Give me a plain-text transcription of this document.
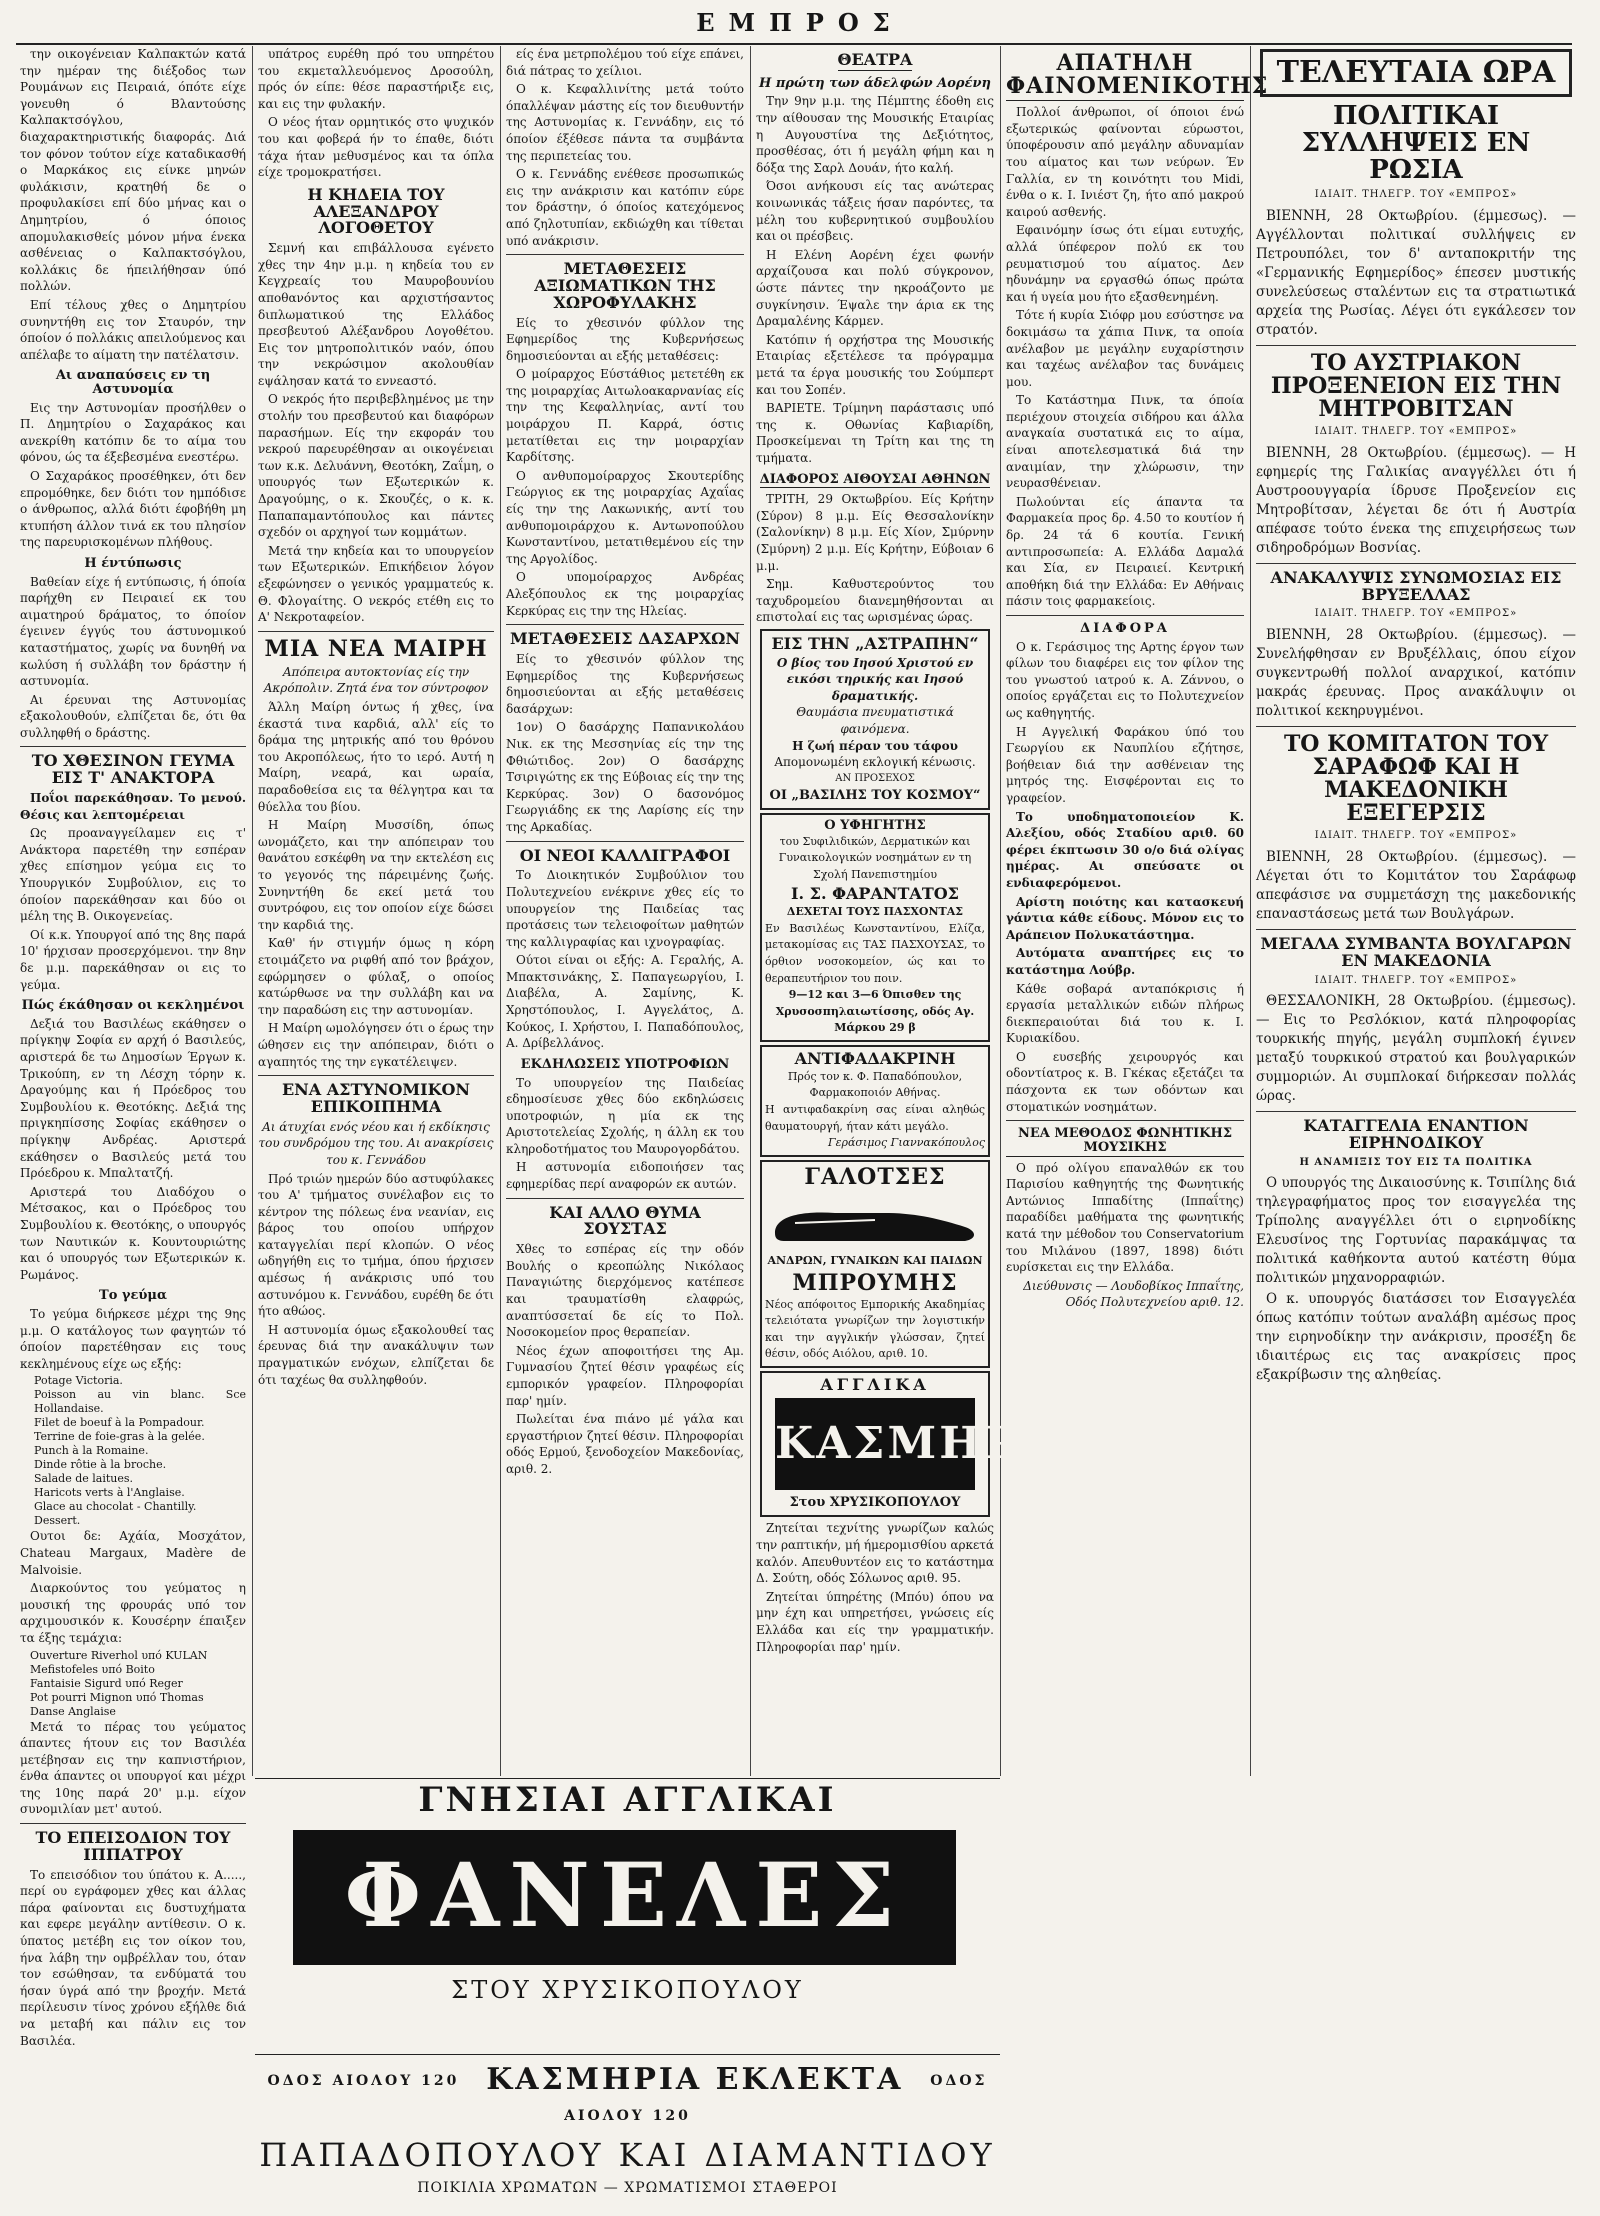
ΕΜΠΡΟΣ

την οικογένειαν Καλπακτών κατά την ημέραν της διέξοδος των Ρουμάνων εις Πειραιά, όπότε είχε γονευθη ό Βλαντούσης Καλπακτσόγλου, διαχαρακτηριστικής διαφοράς. Διά τον φόνον τούτον είχε καταδικασθή ο Μαρκάκος εις είνκε μηνών φυλάκισιν, κρατηθή δε ο προφυλακίσει επί δύο μήνας και ο Δημητρίου, ό όποιος απομυλακισθείς μόνον μήνα ένεκα ασθένειας ο Καλπακτσόγλου, κολλάκις δε ήπειλήθησαν ύπό πολλών.

Επί τέλους χθες ο Δημητρίου συνηντήθη εις τον Σταυρόν, την όποίον ό πολλάκις απειλούμενος και απέλαβε το αίματη την πατέλατσιν.

Αι αναπαύσεις εν τη Αστυνομία

Εις την Αστυνομίαν προσήλθεν ο Π. Δημητρίου ο Σαχαράκος και ανεκρίθη κατόπιν δε το αίμα του φόνου, ώς τα έξεβεσμένα ενεστέρω.

Ο Σαχαράκος προσέθηκεν, ότι δεν επρομόθηκε, δεν διότι τον ημπόδισε ο άνθρωπος, αλλά διότι έφοβήθη μη κτυπήση άλλον τινά εκ του πλησίον της παρευρισκομένων πλήθους.

Η έντύπωσις

Βαθείαν είχε ή εντύπωσις, ή όποία παρήχθη εν Πειραιεί εκ του αιματηρού δράματος, το όποίον έγεινεν έγγύς του άστυνομικού καταστήματος, χωρίς να δυνηθή να κωλύση ή συλλάβη τον δράστην ή αστυνομία.

Αι έρευναι της Αστυνομίας εξακολουθούν, ελπίζεται δε, ότι θα συλληφθή ο δράστης.

ΤΟ ΧΘΕΣΙΝΟΝ ΓΕΥΜΑ ΕΙΣ Τ' ΑΝΑΚΤΟΡΑ

Ποΐοι παρεκάθησαν. Το μενού. Θέσις και λεπτομέρειαι

Ως προαναγγείλαμεν εις τ' Ανάκτορα παρετέθη την εσπέραν χθες επίσημον γεύμα εις το Υπουργικόν Συμβούλιον, εις το όποίον παρεκάθησαν και δύο οι μέλη της Β. Οικογενείας.

Οί κ.κ. Υπουργοί από της 8ης παρά 10' ήρχισαν προσερχόμενοι. την 8ην δε μ.μ. παρεκάθησαν οι εις το γεύμα.

Πώς έκάθησαν οι κεκλημένοι

Δεξιά του Βασιλέως εκάθησεν ο πρίγκηψ Σοφία εν αρχή ό Βασιλεύς, αριστερά δε τω Δημοσίων Έργων κ. Τρικούπη, εν τη Λέσχη τόρην κ. Δραγούμης και ή Πρόεδρος του Συμβουλίου κ. Θεοτόκης. Δεξιά της πριγκηπίσσης Σοφίας εκάθησεν ο πρίγκηψ Ανδρέας. Αριστερά εκάθησεν ο Βασιλεύς μετά του Πρόεδρου κ. Μπαλτατζή.

Αριστερά του Διαδόχου ο Μέτσακος, και ο Πρόεδρος του Συμβουλίου κ. Θεοτόκης, ο υπουργός των Ναυτικών κ. Κουντουριώτης και ό υπουργός των Εξωτερικών κ. Ρωμάνος.

Το γεύμα

Το γεύμα διήρκεσε μέχρι της 9ης μ.μ. Ο κατάλογος των φαγητών τό όποίον παρετέθησαν εις τους κεκλημένους είχε ως εξής:

Potage Victoria.
Poisson au vin blanc. Sce Hollandaise.
Filet de boeuf à la Pompadour.
Terrine de foie-gras à la gelée.
Punch à la Romaine.
Dinde rôtie à la broche.
Salade de laitues.
Haricots verts à l'Anglaise.
Glace au chocolat - Chantilly.
Dessert.

Ουτοι δε: Αχάία, Μοσχάτον, Chateau Margaux, Madère de Malvoisie.

Διαρκούντος του γεύματος η μουσική της φρουράς υπό τον αρχιμουσικόν κ. Κουσέρην έπαιξεν τα έξης τεμάχια:

Ouverture Riverhol υπό KULAN
Mefistofeles υπό Boito
Fantaisie Sigurd υπό Reger
Pot pourri Mignon υπό Thomas
Danse Anglaise

Μετά το πέρας του γεύματος άπαντες ήτουν εις τον Βασιλέα μετέβησαν εις την καπνιστήριον, ένθα άπαντες οι υπουργοί και μέχρι της 10ης παρά 20' μ.μ. είχον συνομιλίαν μετ' αυτού.

ΤΟ ΕΠΕΙΣΟΔΙΟΝ ΤΟΥ ΙΠΠΑΤΡΟΥ

Το επεισόδιον του ύπάτου κ. Α....., περί ου εγράφομεν χθες και άλλας πάρα φαίνονται εις δυστυχήματα και εφερε μεγάλην αντίθεσιν. Ο κ. ύπατος μετέβη εις τον οίκον του, ήνα λάβη την ομβρέλλαν του, όταν τον εσώθησαν, τα ενδύματά του ήσαν ύγρά από την βροχήν. Μετά περίλευσιν τίνος χρόνου εξήλθε διά να μεταβή και πάλιν εις τον Βασιλέα.

υπάτρος ευρέθη πρό του υπηρέτου του εκμεταλλευόμενος Δροσούλη, πρός όν είπε: θέσε παραστήριξε εις, και εις την φυλακήν.

Ο νέος ήταν ορμητικός στο ψυχικόν του και φοβερά ήν το έπαθε, διότι τάχα ήταν μεθυσμένος και τα όπλα είχε τρομοκρατήσει.

Η ΚΗΔΕΙΑ ΤΟΥ ΑΛΕΞΑΝΔΡΟΥ ΛΟΓΟΘΕΤΟΥ

Σεμνή και επιβάλλουσα εγένετο χθες την 4ην μ.μ. η κηδεία του εν Κεγχρεαίς του Μαυροβουνίου αποθανόντος και αρχιστήσαντος διπλωματικού της Ελλάδος πρεσβευτού Αλέξανδρου Λογοθέτου. Εις τον μητροπολιτικόν ναόν, όπου την νεκρώσιμον ακολουθίαν εψάλησαν κατά το εννεαστό.

Ο νεκρός ήτο περιβεβλημένος με την στολήν του πρεσβευτού και διαφόρων παρασήμων. Είς την εκφοράν του νεκρού παρευρέθησαν αι οικογένειαι των κ.κ. Δελυάννη, Θεοτόκη, Ζαΐμη, ο υπουργός των Εξωτερικών κ. Δραγούμης, ο κ. Σκουζές, ο κ. κ. Παπαπαμαντόπουλος και πάντες σχεδόν οι αρχηγοί των κομμάτων.

Μετά την κηδεία και το υπουργείον των Εξωτερικών. Επικήδειον λόγον εξεφώνησεν ο γενικός γραμματεύς κ. Θ. Φλογαίτης. Ο νεκρός ετέθη εις το Α' Νεκροταφείον.

ΜΙΑ ΝΕΑ ΜΑΙΡΗ

Απόπειρα αυτοκτονίας είς την Ακρόπολιν. Ζητά ένα τον σύντροφον

Άλλη Μαίρη όντως ή χθες, ίνα έκαστά τινα καρδιά, αλλ' είς το δράμα της μητρικής από του θρόνου του Ακροπόλεως, ήτο το ιερό. Αυτή η Μαίρη, νεαρά, και ωραία, παραδοθείσα εις τα θέλγητρα και τα θύελλα του βίου.

Η Μαίρη Μυσσίδη, όπως ωνομάζετο, και την απόπειραν του θανάτου εσκέφθη να την εκτελέση εις το γεγονός της πάρειμένης ζωής. Συνηντήθη δε εκεί μετά του συντρόφου, εις τον οποίον είχε δώσει την καρδιά της.

Καθ' ήν στιγμήν όμως η κόρη ετοιμάζετο να ριφθή από τον βράχον, εφώρμησεν ο φύλαξ, ο οποίος κατώρθωσε να την συλλάβη και να την παραδώση εις την αστυνομίαν.

Η Μαίρη ωμολόγησεν ότι ο έρως την ώθησεν εις την απόπειραν, διότι ο αγαπητός της την εγκατέλειψεν.

ΕΝΑ ΑΣΤΥΝΟΜΙΚΟΝ ΕΠΙΚΟΙΠΗΜΑ

Αι άτυχίαι ενός νέου και ή εκδίκησις του συνδρόμου της του. Αι ανακρίσεις του κ. Γεννάδου

Πρό τριών ημερών δύο αστυφύλακες του Α' τμήματος συνέλαβον εις το κέντρον της πόλεως ένα νεανίαν, εις βάρος του οποίου υπήρχον καταγγελίαι περί κλοπών. Ο νέος ωδηγήθη εις το τμήμα, όπου ήρχισεν αμέσως ή ανάκρισις υπό του αστυνόμου κ. Γεννάδου, ευρέθη δε ότι ήτο αθώος.

Η αστυνομία όμως εξακολουθεί τας έρευνας διά την ανακάλυψιν των πραγματικών ενόχων, ελπίζεται δε ότι ταχέως θα συλληφθούν.

είς ένα μετρπολέμου τού είχε επάνει, διά πάτρας το χείλιοι.

Ο κ. Κεφαλλινίτης μετά τούτο όπαλλέψαν μάστης είς τον διευθυντήν της Αστυνομίας κ. Γεννάδην, εις τό όποίον έξέθεσε πάντα τα συμβάντα της περιπετείας του.

Ο κ. Γεννάδης ενέθεσε προσωπικώς εις την ανάκρισιν και κατόπιν εύρε τον δράστην, ό όποίος κατεχόμενος από ζηλοτυπίαν, εκδιώχθη και τίθεται υπό ανάκρισιν.

ΜΕΤΑΘΕΣΕΙΣ ΑΞΙΩΜΑΤΙΚΩΝ ΤΗΣ ΧΩΡΟΦΥΛΑΚΗΣ

Είς το χθεσινόν φύλλον της Εφημερίδος της Κυβερνήσεως δημοσιεύονται αι εξής μεταθέσεις:

Ο μοίραρχος Εύστάθιος μετετέθη εκ της μοιραρχίας Αιτωλοακαρνανίας είς την της Κεφαλληνίας, αντί του μοιράρχου Π. Καρρά, όστις μετατίθεται εις την μοιραρχίαν Καρδίτσης.

Ο ανθυπομοίραρχος Σκουτερίδης Γεώργιος εκ της μοιραρχίας Αχαΐας είς την της Λακωνικής, αντί του ανθυπομοιράρχου κ. Αντωνοπούλου Κωνσταντίνου, μετατιθεμένου είς την της Αργολίδος.

Ο υπομοίραρχος Ανδρέας Αλεξόπουλος εκ της μοιραρχίας Κερκύρας εις την της Ηλείας.

ΜΕΤΑΘΕΣΕΙΣ ΔΑΣΑΡΧΩΝ

Είς το χθεσινόν φύλλον της Εφημερίδος της Κυβερνήσεως δημοσιεύονται αι εξής μεταθέσεις δασάρχων:

1ον) Ο δασάρχης Παπανικολάου Νικ. εκ της Μεσσηνίας είς την της Φθιώτιδος. 2ον) Ο δασάρχης Τσιριγώτης εκ της Εύβοιας είς την της Κερκύρας. 3ον) Ο δασονόμος Γεωργιάδης εκ της Λαρίσης είς την της Αρκαδίας.

ΟΙ ΝΕΟΙ ΚΑΛΛΙΓΡΑΦΟΙ

Το Διοικητικόν Συμβούλιον του Πολυτεχνείου ενέκρινε χθες είς το υπουργείον της Παιδείας τας προτάσεις των τελειοφοίτων μαθητών της καλλιγραφίας και ιχνογραφίας.

Ούτοι είναι οι εξής: Α. Γεραλής, Α. Μπακτσινάκης, Σ. Παπαγεωργίου, Ι. Διαβέλα, Α. Σαμίνης, Κ. Χρηστόπουλος, Ι. Αγγελάτος, Δ. Κούκος, Ι. Χρήστου, Ι. Παπαδόπουλος, Α. Δρίβελλάνος.

ΕΚΔΗΛΩΣΕΙΣ ΥΠΟΤΡΟΦΙΩΝ

Το υπουργείον της Παιδείας εδημοσίευσε χθες δύο εκδηλώσεις υποτροφιών, η μία εκ της Αριστοτελείας Σχολής, η άλλη εκ του κληροδοτήματος του Μαυρογορδάτου.

Η αστυνομία ειδοποιήσεν τας εφημερίδας περί αναφορών εκ αυτών.

ΚΑΙ ΑΛΛΟ ΘΥΜΑ ΣΟΥΣΤΑΣ

Χθες το εσπέρας είς την οδόν Βουλής ο κρεοπώλης Νικόλαος Παναγιώτης διερχόμενος κατέπεσε και τραυματίσθη ελαφρώς, αναπτύσσεταί δε είς το Πολ. Νοσοκομείον προς θεραπείαν.

Νέος έχων αποφοιτήσει της Αμ. Γυμνασίου ζητεί θέσιν γραφέως είς εμπορικόν γραφείον. Πληροφορίαι παρ' ημίν.

Πωλείται ένα πιάνο μέ γάλα και εργαστήριον ζητεί θέσιν. Πληροφορίαι οδός Ερμού, ξενοδοχείον Μακεδονίας, αριθ. 2.

ΘΕΑΤΡΑ
Η πρώτη των άδελφών Αορένη

Την 9ην μ.μ. της Πέμπτης έδοθη εις την αίθουσαν της Μουσικής Εταιρίας η Αυγουστίνα της Δεξιότητος, προσθέσας, ότι ή μεγάλη φήμη και η δόξα της Σαρλ Δουάν, ήτο καλή.

Όσοι ανήκουσι είς τας ανώτερας κοινωνικάς τάξεις ήσαν παρόντες, τα μέλη του κυβερνητικού συμβουλίου και οι πρέσβεις.

Η Ελένη Αορένη έχει φωνήν αρχαίζουσα και πολύ σύγκρονον, ώστε πάντες την ηκροάζοντο με συγκίνησιν. Έψαλε την άρια εκ της Δραμαλένης Κάρμεν.

Κατόπιν ή ορχήστρα της Μουσικής Εταιρίας εξετέλεσε τα πρόγραμμα μετά τα έργα μουσικής του Σούμπερτ και του Σοπέν.

ΒΑΡΙΕΤΕ. Τρίμηνη παράστασις υπό της κ. Οθωνίας Καβιαρίδη, Προσκείμεναι τη Τρίτη και της τη τμήματα.

ΔΙΑΦΟΡΟΣ ΑΙΘΟΥΣΑΙ ΑΘΗΝΩΝ

ΤΡΙΤΗ, 29 Οκτωβρίου. Είς Κρήτην (Σύρον) 8 μ.μ. Είς Θεσσαλονίκην (Σαλονίκην) 8 μ.μ. Είς Χίον, Σμύρνην (Σμύρνη) 2 μ.μ. Είς Κρήτην, Εύβοιαν 6 μ.μ.

Σημ. Καθυστερούντος του ταχυδρομείου διανεμηθήσονται αι επιστολαί εις τας ωρισμένας ώρας.

ΕΙΣ ΤΗΝ „ΑΣΤΡΑΠΗΝ“
Ο βίος του Ιησού Χριστού εν εικόσι τηρικής και Ιησού δραματικής.
Θαυμάσια πνευματιστικά φαινόμενα.
Η ζωή πέραν του τάφου
Απομονωμένη εκλογική κένωσις.
ΑΝ ΠΡΟΣΕΧΟΣ
ΟΙ „ΒΑΣΙΛΗΣ ΤΟΥ ΚΟΣΜΟΥ“
Ο ΥΦΗΓΗΤΗΣ
του Συφιλιδικών, Δερματικών και Γυναικολογικών νοσημάτων εν τη Σχολή Πανεπιστημίου
Ι. Σ. ΦΑΡΑΝΤΑΤΟΣ
ΔΕΧΕΤΑΙ ΤΟΥΣ ΠΑΣΧΟΝΤΑΣ
Εν Βασιλέως Κωνσταντίνου, Ελίζα, μετακομίσας εις ΤΑΣ ΠΑΣΧΟΥΣΑΣ, το όρθιον νοσοκομείον, ώς και το θεραπευτήριον του ποιν.
9—12 και 3—6 Όπισθεν της Χρυσοσπηλαιωτίσσης, οδός Αγ. Μάρκου 29 β
ΑΝΤΙΦΑΔΑΚΡΙΝΗ
Πρός τον κ. Φ. Παπαδόπουλον, Φαρμακοποιόν Αθήνας.
Η αντιφαδακρίνη σας είναι αληθώς θαυματουργή, ήταν κάτι μεγάλο.
Γεράσιμος Γιαννακόπουλος
ΓΑΛΟΤΣΕΣ
ΑΝΔΡΩΝ, ΓΥΝΑΙΚΩΝ ΚΑΙ ΠΑΙΔΩΝ
ΜΠΡΟΥΜΗΣ
Νέος απόφοιτος Εμπορικής Ακαδημίας τελειότατα γνωρίζων την λογιστικήν και την αγγλικήν γλώσσαν, ζητεί θέσιν, οδός Αιόλου, αριθ. 10.
ΑΓΓΛΙΚΑ
ΚΑΣΜΗΡΙΑ
Στου ΧΡΥΣΙΚΟΠΟΥΛΟΥ

Ζητείται τεχνίτης γνωρίζων καλώς την ραπτικήν, μή ήμερομισθίου αρκετά καλόν. Απευθυντέον εις το κατάστημα Δ. Σούτη, οδός Σόλωνος αριθ. 95.

Ζητείται ύπηρέτης (Μπόυ) όπου να μην έχη και υπηρετήσει, γνώσεις είς Ελλάδα και είς την γραμματικήν. Πληροφορίαι παρ' ημίν.

ΑΠΑΤΗΛΗ ΦΑΙΝΟΜΕΝΙΚΟΤΗΣ

Πολλοί άνθρωποι, οί όποιοι ένώ εξωτερικώς φαίνονται εύρωστοι, ύποφέρουσιν από μεγάλην αδυναμίαν του αίματος και των νεύρων. Έν Γαλλία, εν τη κοινότητι του Midi, ένθα ο κ. Ι. Ινιέστ ζη, ήτο από μακρού καιρού ασθενής.

Εφαινόμην ίσως ότι είμαι ευτυχής, αλλά ύπέφερον πολύ εκ του ρευματισμού του αίματος. Δεν ηδυνάμην να εργασθώ όπως πρώτα και ή υγεία μου ήτο εξασθενημένη.

Τότε ή κυρία Σιόφρ μου εσύστησε να δοκιμάσω τα χάπια Πινκ, τα οποία ανέλαβον με μεγάλην ευχαρίστησιν και ταχέως ανέλαβον τας δυνάμεις μου.

Το Κατάστημα Πινκ, τα όποία περιέχουν στοιχεία σιδήρου και άλλα αναγκαία συστατικά εις το αίμα, είναι αποτελεσματικά διά την αναιμίαν, την χλώρωσιν, την νευρασθένειαν.

Πωλούνται είς άπαντα τα Φαρμακεία προς δρ. 4.50 το κουτίον ή δρ. 24 τά 6 κουτία. Γενική αντιπροσωπεία: Α. Ελλάδα Δαμαλά και Σία, εν Πειραιεί. Κεντρική αποθήκη διά την Ελλάδα: Εν Αθήναις πάσιν τοις φαρμακείοις.

ΔΙΑΦΟΡΑ

Ο κ. Γεράσιμος της Αρτης έργον των φίλων του διαφέρει εις τον φίλον της του γνωστού ιατρού κ. Α. Ζάννου, ο οποίος εργάζεται εις το Πολυτεχνείον ως καθηγητής.

Η Αγγελική Φαράκου ύπό του Γεωργίου εκ Ναυπλίου εζήτησε, βοήθειαν διά την ασθένειαν της μητρός της. Εισφέρονται εις το γραφείον.

Το υποδηματοποιείον Κ. Αλεξίου, οδός Σταδίου αριθ. 60 φέρει έκπτωσιν 30 ο/ο διά ολίγας ημέρας. Αι σπεύσατε οι ενδιαφερόμενοι.

Αρίστη ποιότης και κατασκευή γάντια κάθε είδους. Μόνον εις το Αράπειον Πολυκατάστημα.

Αυτόματα αναπτήρες εις το κατάστημα Λούβρ.

Κάθε σοβαρά ανταπόκρισις ή εργασία μεταλλικών ειδών πλήρως διεκπεραιούται διά του κ. Ι. Κυριακίδου.

Ο ευσεβής χειρουργός και οδοντίατρος κ. Β. Γκέκας εξετάζει τα πάσχοντα εκ των οδόντων και στοματικών νοσημάτων.

ΝΕΑ ΜΕΘΟΔΟΣ ΦΩΝΗΤΙΚΗΣ ΜΟΥΣΙΚΗΣ

Ο πρό ολίγου επαναλθών εκ του Παρισίου καθηγητής της Φωνητικής Αντώνιος Ιππαδίτης (Ιππαΐτης) παραδίδει μαθήματα της φωνητικής κατά την μέθοδον του Conservatorium του Μιλάνου (1897, 1898) διότι ευρίσκεται εις την Ελλάδα.

Διεύθυνσις — Λουδοβίκος Ιππαΐτης, Οδός Πολυτεχνείου αριθ. 12.

ΤΕΛΕΥΤΑΙΑ ΩΡΑ
ΠΟΛΙΤΙΚΑΙ ΣΥΛΛΗΨΕΙΣ ΕΝ ΡΩΣΙΑ
ΙΔΙΑΙΤ. ΤΗΛΕΓΡ. ΤΟΥ «ΕΜΠΡΟΣ»

ΒΙΕΝΝΗ, 28 Οκτωβρίου. (έμμεσως). — Αγγέλλονται πολιτικαί συλλήψεις εν Πετρουπόλει, τον δ' ανταποκριτήν της «Γερμανικής Εφημερίδος» έπεσεν μυστικής συνελεύσεως σταλέντων εις τα στρατιωτικά αρχεία της Ρωσίας. Λέγει ότι εγκάλεσεν τον στρατόν.

ΤΟ ΑΥΣΤΡΙΑΚΟΝ ΠΡΟΞΕΝΕΙΟΝ ΕΙΣ ΤΗΝ ΜΗΤΡΟΒΙΤΣΑΝ
ΙΔΙΑΙΤ. ΤΗΛΕΓΡ. ΤΟΥ «ΕΜΠΡΟΣ»

ΒΙΕΝΝΗ, 28 Οκτωβρίου. (έμμεσως). — Η εφημερίς της Γαλικίας αναγγέλλει ότι ή Αυστροουγγαρία ίδρυσε Προξενείον εις Μητροβίτσαν, λέγεται δε ότι ή Αυστρία απέφασε τούτο ένεκα της επιχειρήσεως των σιδηροδρόμων Βοσνίας.

ΑΝΑΚΑΛΥΨΙΣ ΣΥΝΩΜΟΣΙΑΣ ΕΙΣ ΒΡΥΞΕΛΛΑΣ
ΙΔΙΑΙΤ. ΤΗΛΕΓΡ. ΤΟΥ «ΕΜΠΡΟΣ»

ΒΙΕΝΝΗ, 28 Οκτωβρίου. (έμμεσως). — Συνελήφθησαν εν Βρυξέλλαις, όπου είχον συγκεντρωθή πολλοί αναρχικοί, κατόπιν μακράς έρευνας. Προς ανακάλυψιν οι πολιτικοί κεκηρυγμένοι.

ΤΟ ΚΟΜΙΤΑΤΟΝ ΤΟΥ ΣΑΡΑΦΩΦ ΚΑΙ Η ΜΑΚΕΔΟΝΙΚΗ ΕΞΕΓΕΡΣΙΣ
ΙΔΙΑΙΤ. ΤΗΛΕΓΡ. ΤΟΥ «ΕΜΠΡΟΣ»

ΒΙΕΝΝΗ, 28 Οκτωβρίου. (έμμεσως). — Λέγεται ότι το Κομιτάτον του Σαράφωφ απεφάσισε να συμμετάσχη της μακεδονικής επαναστάσεως μετά των Βουλγάρων.

ΜΕΓΑΛΑ ΣΥΜΒΑΝΤΑ ΒΟΥΛΓΑΡΩΝ ΕΝ ΜΑΚΕΔΟΝΙΑ
ΙΔΙΑΙΤ. ΤΗΛΕΓΡ. ΤΟΥ «ΕΜΠΡΟΣ»

ΘΕΣΣΑΛΟΝΙΚΗ, 28 Οκτωβρίου. (έμμεσως). — Εις το Ρεσλόκιον, κατά πληροφορίας τουρκικής πηγής, μεγάλη συμπλοκή έγινεν μεταξύ τουρκικού στρατού και βουλγαρικών συμμοριών. Αι συμπλοκαί διήρκεσαν πολλάς ώρας.

ΚΑΤΑΓΓΕΛΙΑ ΕΝΑΝΤΙΟΝ ΕΙΡΗΝΟΔΙΚΟΥ
Η ΑΝΑΜΙΞΙΣ ΤΟΥ ΕΙΣ ΤΑ ΠΟΛΙΤΙΚΑ

Ο υπουργός της Δικαιοσύνης κ. Τσιπίλης διά τηλεγραφήματος προς τον εισαγγελέα της Τρίπολης αναγγέλλει ότι ο ειρηνοδίκης Ελευσίνος της Γορτυνίας παρακάμψας τα πολιτικά καθήκοντα αυτού κατέστη θύμα πολιτικών μηχανορραφιών.

Ο κ. υπουργός διατάσσει τον Εισαγγελέα όπως κατόπιν τούτων αναλάβη αμέσως προς την ειρηνοδίκην την ανάκρισιν, προσέξη δε ιδιαιτέρως εις τας ανακρίσεις προς εξακρίβωσιν της αληθείας.

ΓΝΗΣΙΑΙ ΑΓΓΛΙΚΑΙ
ΦΑΝΕΛΕΣ
ΣΤΟΥ ΧΡΥΣΙΚΟΠΟΥΛΟΥ
ΟΔΟΣ ΑΙΟΛΟΥ 120 ΚΑΣΜΗΡΙΑ ΕΚΛΕΚΤΑ ΟΔΟΣ ΑΙΟΛΟΥ 120
ΠΑΠΑΔΟΠΟΥΛΟΥ ΚΑΙ ΔΙΑΜΑΝΤΙΔΟΥ
ΠΟΙΚΙΛΙΑ ΧΡΩΜΑΤΩΝ — ΧΡΩΜΑΤΙΣΜΟΙ ΣΤΑΘΕΡΟΙ
